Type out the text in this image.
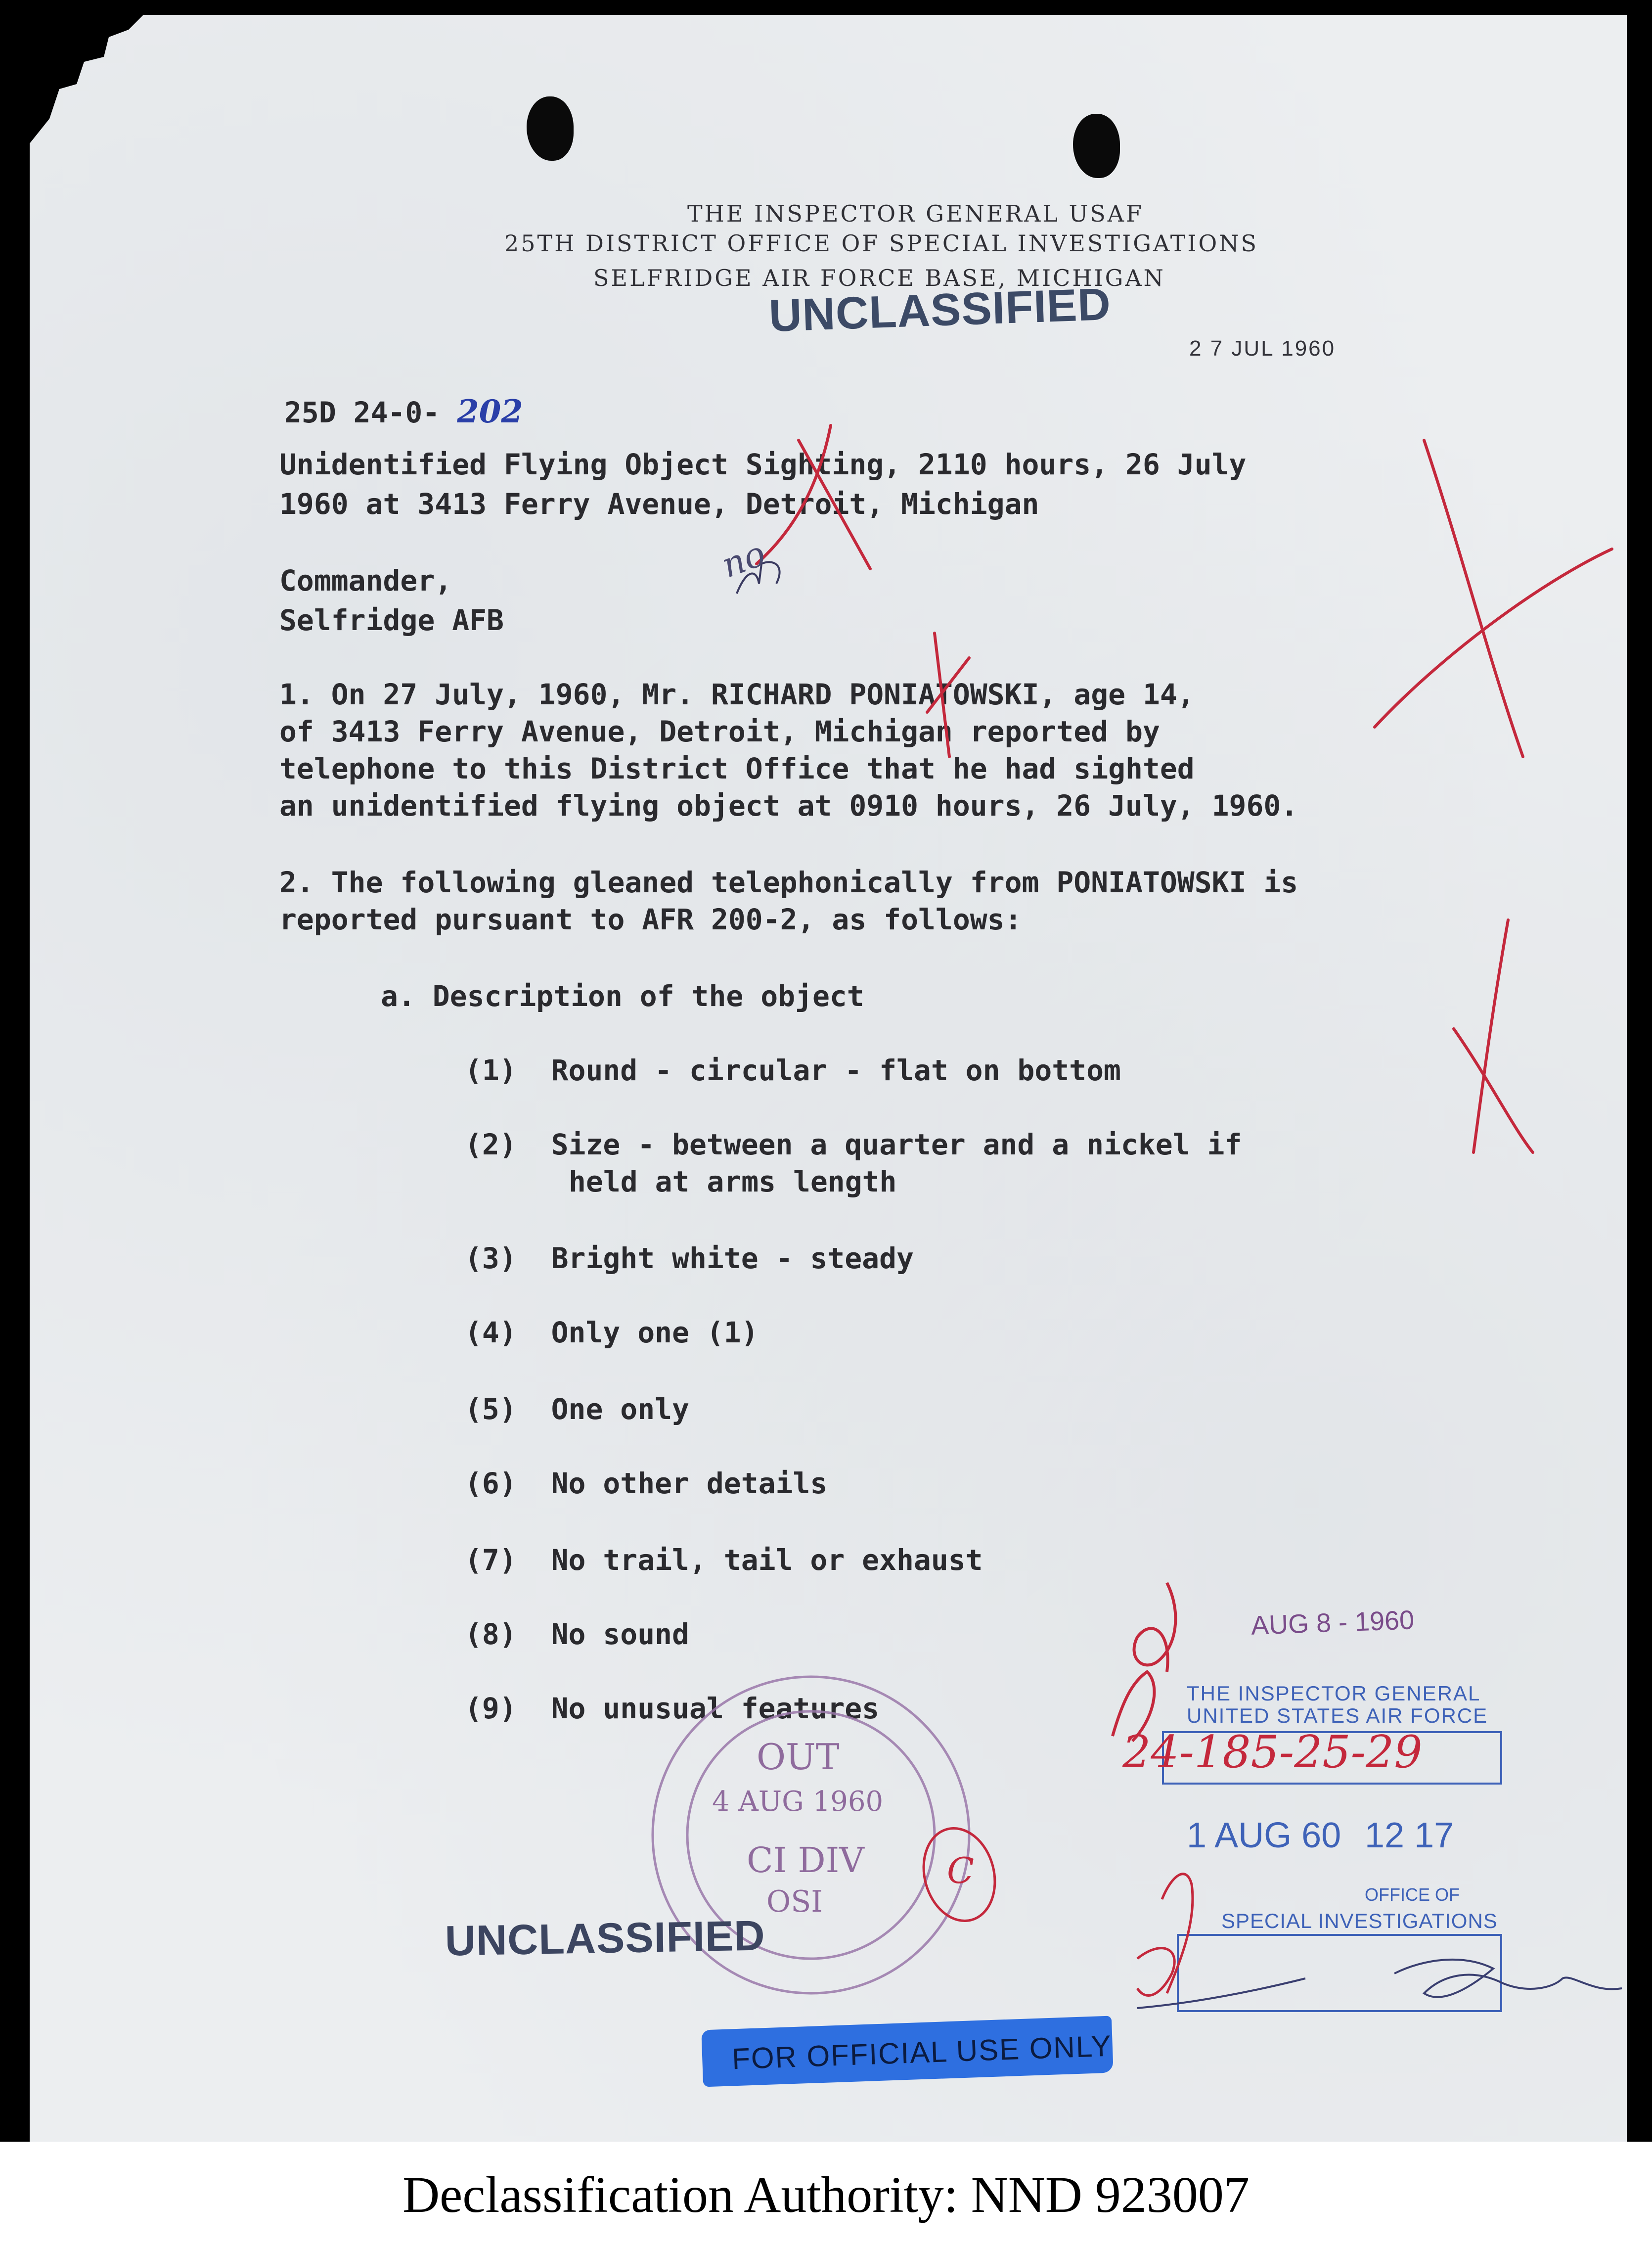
THE INSPECTOR GENERAL USAF
25TH DISTRICT OFFICE OF SPECIAL INVESTIGATIONS
SELFRIDGE AIR FORCE BASE, MICHIGAN
UNCLASSIFIED
2 7 JUL 1960
25D 24-0- 202
Unidentified Flying Object Sighting, 2110 hours, 26 July
1960 at 3413 Ferry Avenue, Detroit, Michigan
Commander,
Selfridge AFB
1. On 27 July, 1960, Mr. RICHARD PONIATOWSKI, age 14,
of 3413 Ferry Avenue, Detroit, Michigan reported by
telephone to this District Office that he had sighted
an unidentified flying object at 0910 hours, 26 July, 1960.
2. The following gleaned telephonically from PONIATOWSKI is
reported pursuant to AFR 200-2, as follows:
a. Description of the object
(1) Round - circular - flat on bottom
(2) Size - between a quarter and a nickel if
held at arms length
(3) Bright white - steady
(4) Only one (1)
(5) One only
(6) No other details
(7) No trail, tail or exhaust
(8) No sound
(9) No unusual features
no
AUG 8 - 1960
THE INSPECTOR GENERAL
UNITED STATES AIR FORCE
24-185-25-29
1 AUG 60 12 17
OFFICE OF
SPECIAL INVESTIGATIONS
OUT
4 AUG 1960
CI DIV
OSI
C
UNCLASSIFIED
FOR OFFICIAL USE ONLY
Declassification Authority: NND 923007
